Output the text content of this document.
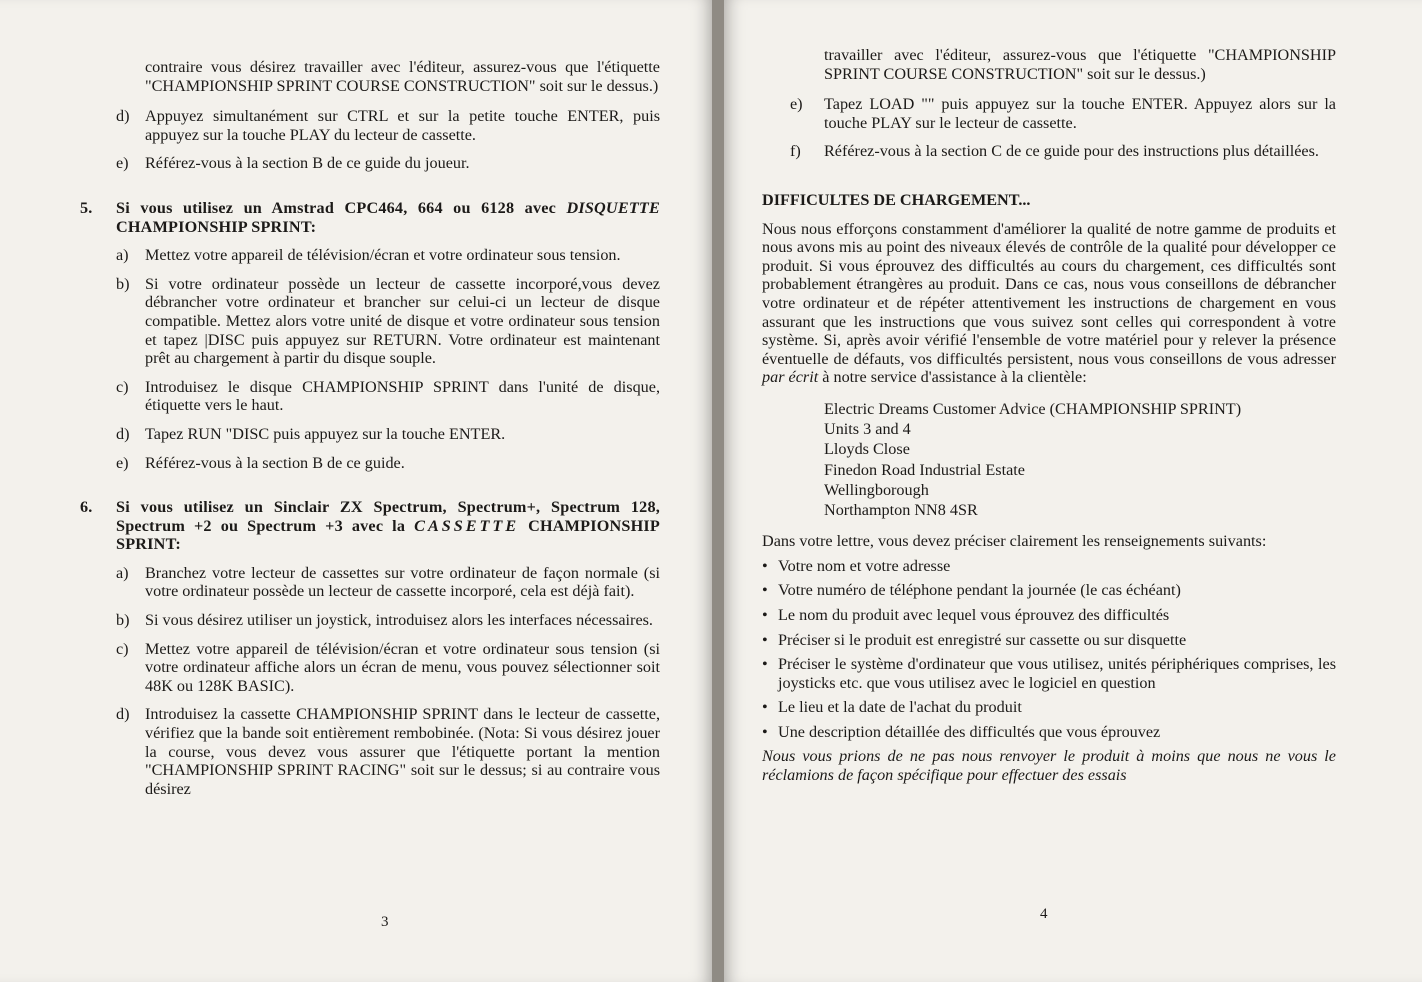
contraire vous désirez travailler avec l'éditeur, assurez-vous que l'étiquette "CHAMPIONSHIP SPRINT COURSE CONSTRUCTION" soit sur le dessus.)

d) Appuyez simultanément sur CTRL et sur la petite touche ENTER, puis appuyez sur la touche PLAY du lecteur de cassette.
e)	Référez-vous à la section B de ce guide du joueur.
5.	Si vous utilisez un Amstrad CPC464, 664 ou 6128 avec DISQUETTE CHAMPIONSHIP SPRINT:
a)	Mettez votre appareil de télévision/écran et votre ordinateur sous tension.
b) Si votre ordinateur possède un lecteur de cassette incorporé,vous devez débrancher votre ordinateur et brancher sur celui-ci un lecteur de disque compatible. Mettez alors votre unité de disque et votre ordinateur sous tension et tapez |DISC puis appuyez sur RETURN. Votre ordinateur est maintenant prêt au chargement à partir du disque souple.
c)	Introduisez le disque CHAMPIONSHIP SPRINT dans l'unité de disque, étiquette vers le haut.
d) Tapez RUN "DISC puis appuyez sur la touche ENTER.
e)	Référez-vous à la section B de ce guide.
6.	Si vous utilisez un Sinclair ZX Spectrum, Spectrum+, Spectrum 128, Spectrum +2 ou Spectrum +3 avec la CASSETTE CHAMPIONSHIP SPRINT:
a)	Branchez votre lecteur de cassettes sur votre ordinateur de façon normale (si votre ordinateur possède un lecteur de cassette incorporé, cela est déjà fait).
b) Si vous désirez utiliser un joystick, introduisez alors les interfaces nécessaires.
c)	Mettez votre appareil de télévision/écran et votre ordinateur sous tension (si votre ordinateur affiche alors un écran de menu, vous pouvez sélectionner soit 48K ou 128K BASIC).
d) Introduisez la cassette CHAMPIONSHIP SPRINT dans le lecteur de cassette, vérifiez que la bande soit entièrement rembobinée. (Nota: Si vous désirez jouer la course, vous devez vous assurer que l'étiquette portant la mention "CHAMPIONSHIP SPRINT RACING" soit sur le dessus; si au contraire vous désirez
3

travailler avec l'éditeur, assurez-vous que l'étiquette "CHAMPIONSHIP SPRINT COURSE CONSTRUCTION" soit sur le dessus.)

e)	Tapez LOAD "" puis appuyez sur la touche ENTER. Appuyez alors sur la touche PLAY sur le lecteur de cassette.
f)	Référez-vous à la section C de ce guide pour des instructions plus détaillées.
DIFFICULTES DE CHARGEMENT...

Nous nous efforçons constamment d'améliorer la qualité de notre gamme de produits et nous avons mis au point des niveaux élevés de contrôle de la qualité pour développer ce produit. Si vous éprouvez des difficultés au cours du chargement, ces difficultés sont probablement étrangères au produit. Dans ce cas, nous vous conseillons de débrancher votre ordinateur et de répéter attentivement les instructions de chargement en vous assurant que les instructions que vous suivez sont celles qui correspondent à votre système. Si, après avoir vérifié l'ensemble de votre matériel pour y relever la présence éventuelle de défauts, vos difficultés persistent, nous vous conseillons de vous adresser par écrit à notre service d'assistance à la clientèle:

Electric Dreams Customer Advice (CHAMPIONSHIP SPRINT)
Units 3 and 4
Lloyds Close
Finedon Road Industrial Estate
Wellingborough
Northampton NN8 4SR

Dans votre lettre, vous devez préciser clairement les renseignements suivants:

• Votre nom et votre adresse
• Votre numéro de téléphone pendant la journée (le cas échéant)
• Le nom du produit avec lequel vous éprouvez des difficultés
• Préciser si le produit est enregistré sur cassette ou sur disquette
• Préciser le système d'ordinateur que vous utilisez, unités périphériques comprises, les joysticks etc. que vous utilisez avec le logiciel en question
• Le lieu et la date de l'achat du produit
• Une description détaillée des difficultés que vous éprouvez

Nous vous prions de ne pas nous renvoyer le produit à moins que nous ne vous le réclamions de façon spécifique pour effectuer des essais

4
